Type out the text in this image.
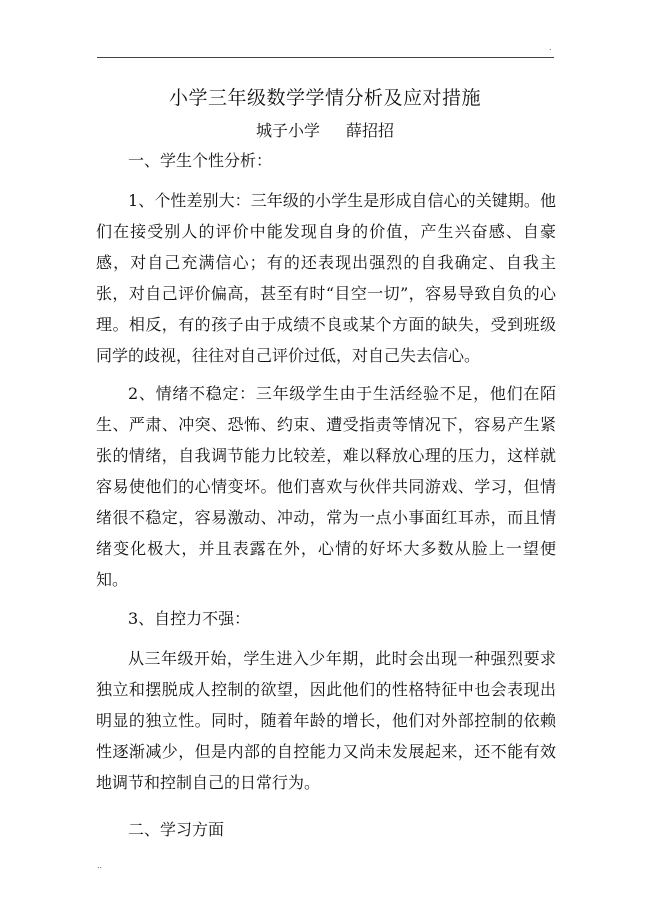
.
小学三年级数学学情分析及应对措施
城子小学 薛招招

一、学生个性分析：

1、个性差别大：三年级的小学生是形成自信心的关键期。他们在接受别人的评价中能发现自身的价值，产生兴奋感、自豪感，对自己充满信心；有的还表现出强烈的自我确定、自我主张，对自己评价偏高，甚至有时“目空一切”，容易导致自负的心理。相反，有的孩子由于成绩不良或某个方面的缺失，受到班级同学的歧视，往往对自己评价过低，对自己失去信心。

2、情绪不稳定：三年级学生由于生活经验不足，他们在陌生、严肃、冲突、恐怖、约束、遭受指责等情况下，容易产生紧张的情绪，自我调节能力比较差，难以释放心理的压力，这样就容易使他们的心情变坏。他们喜欢与伙伴共同游戏、学习，但情绪很不稳定，容易激动、冲动，常为一点小事面红耳赤，而且情绪变化极大，并且表露在外，心情的好坏大多数从脸上一望便知。

3、自控力不强：

从三年级开始，学生进入少年期，此时会出现一种强烈要求独立和摆脱成人控制的欲望，因此他们的性格特征中也会表现出明显的独立性。同时，随着年龄的增长，他们对外部控制的依赖性逐渐减少，但是内部的自控能力又尚未发展起来，还不能有效地调节和控制自己的日常行为。

二、学习方面

..
